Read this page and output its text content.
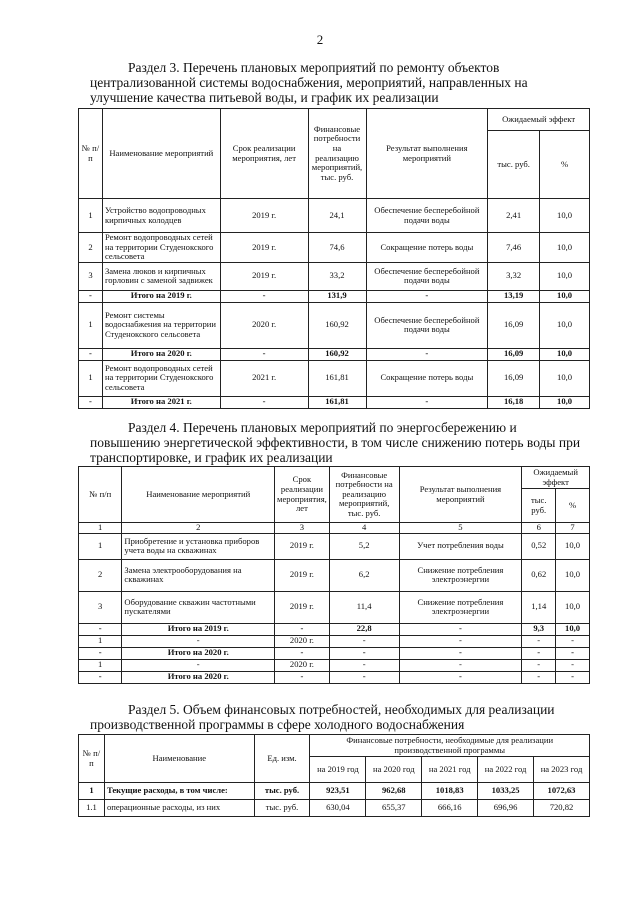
2
Раздел 3. Перечень плановых мероприятий по ремонту объектов централизованной системы водоснабжения, мероприятий, направленных на улучшение качества питьевой воды, и график их реализации
№ п/п	Наименование мероприятий	Срок реализации мероприятия, лет	Финансовые потребности на реализацию мероприятий, тыс. руб.	Результат выполнения мероприятий	Ожидаемый эффект	
					тыс. руб.	%
1	Устройство водопроводных кирпичных колодцев	2019 г.	24,1	Обеспечение бесперебойной подачи воды	2,41	10,0
2	Ремонт водопроводных сетей на территории Студенокского сельсовета	2019 г.	74,6	Сокращение потерь воды	7,46	10,0
3	Замена люков и кирпичных горловин с заменой задвижек	2019 г.	33,2	Обеспечение бесперебойной подачи воды	3,32	10,0
-	Итого на 2019 г.	-	131,9	-	13,19	10,0
1	Ремонт системы водоснабжения на территории Студенокского сельсовета	2020 г.	160,92	Обеспечение бесперебойной подачи воды	16,09	10,0
-	Итого на 2020 г.	-	160,92	-	16,09	10,0
1	Ремонт водопроводных сетей на территории Студенокского сельсовета	2021 г.	161,81	Сокращение потерь воды	16,09	10,0
-	Итого на 2021 г.	-	161,81	-	16,18	10,0
Раздел 4. Перечень плановых мероприятий по энергосбережению и повышению энергетической эффективности, в том числе снижению потерь воды при транспортировке, и график их реализации
№ п/п	Наименование мероприятий	Срок реализации мероприятия, лет	Финансовые потребности на реализацию мероприятий, тыс. руб.	Результат выполнения мероприятий	Ожидаемый эффект	
					тыс. руб.	%
1	2	3	4	5	6	7
1	Приобретение и установка приборов учета воды на скважинах	2019 г.	5,2	Учет потребления воды	0,52	10,0
2	Замена электрооборудования на скважинах	2019 г.	6,2	Снижение потребления электроэнергии	0,62	10,0
3	Оборудование скважин частотными пускателями	2019 г.	11,4	Снижение потребления электроэнергии	1,14	10,0
-	Итого на 2019 г.	-	22,8	-	9,3	10,0
1	-	2020 г.	-	-	-	-
-	Итого на 2020 г.	-	-	-	-	-
1	-	2020 г.	-	-	-	-
-	Итого на 2020 г.	-	-	-	-	-
Раздел 5. Объем финансовых потребностей, необходимых для реализации производственной программы в сфере холодного водоснабжения
№ п/п	Наименование	Ед. изм.	Финансовые потребности, необходимые для реализации производственной программы				
			на 2019 год	на 2020 год	на 2021 год	на 2022 год	на 2023 год
1	Текущие расходы, в том числе:	тыс. руб.	923,51	962,68	1018,83	1033,25	1072,63
1.1	операционные расходы, из них	тыс. руб.	630,04	655,37	666,16	696,96	720,82
